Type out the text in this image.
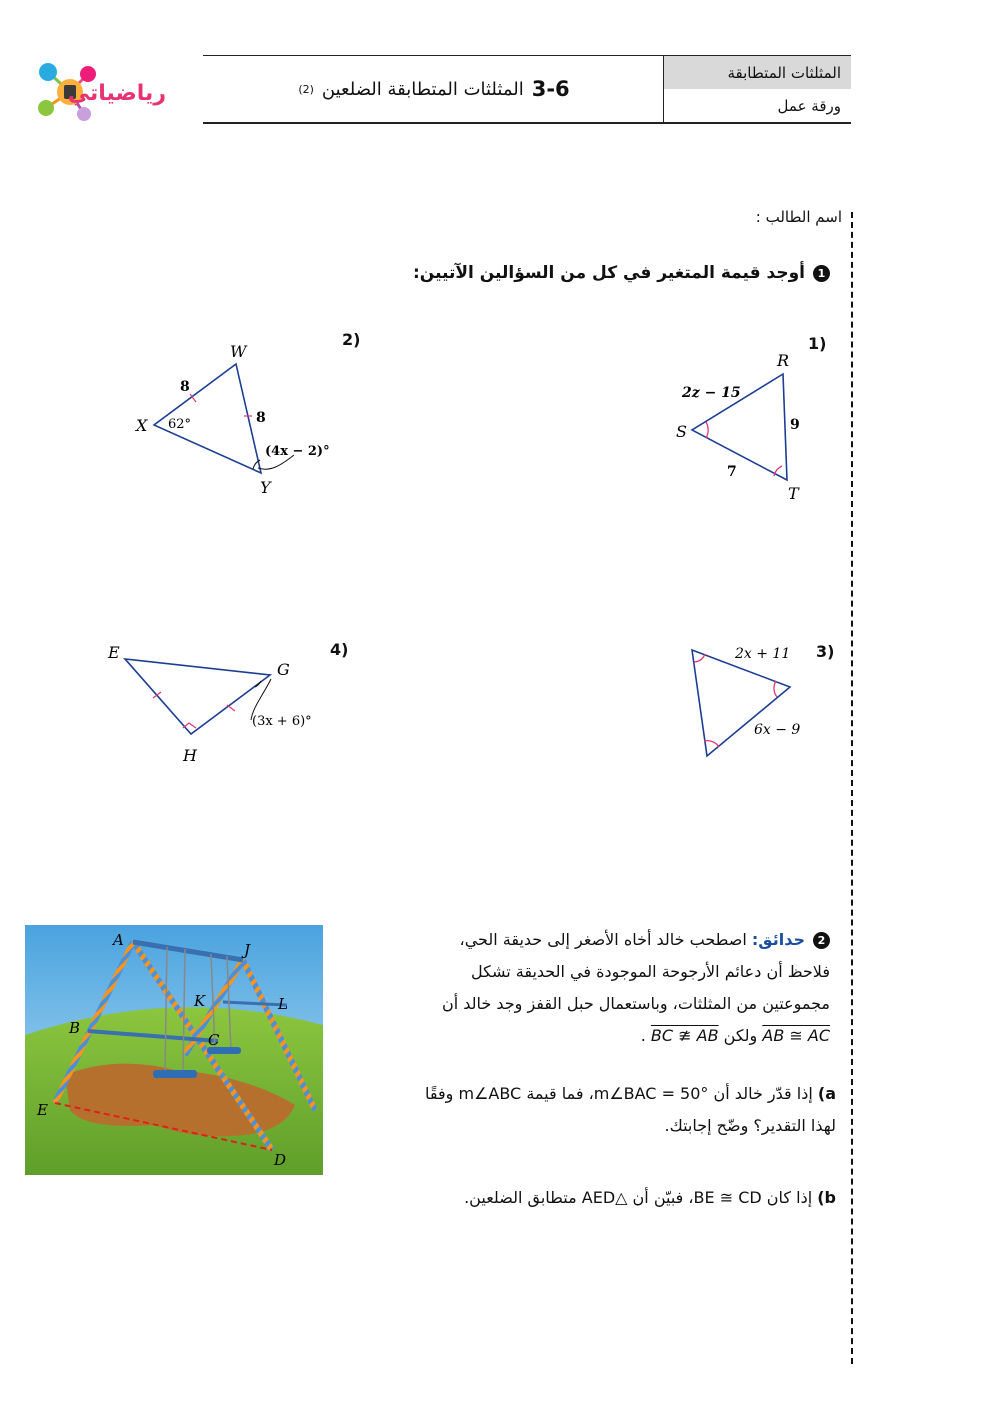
رياضياتي	3-6
المثلثات المتطابقة الضلعين
(2)
المثلثات المتطابقة
ورقة عمل
اسم الطالب :
1أوجد قيمة المتغير في كل من السؤالين الآتيين:
1)
2)
3)
4)
R
S
T
2z − 15
9
7
W
X
Y
8
8
62°
(4x − 2)°
2x + 11
6x − 9
E
G
H
(3x + 6)°
A
B
C
D
E
J
K	L
2حدائق: اصطحب خالد أخاه الأصغر إلى حديقة الحي،
فلاحظ أن دعائم الأرجوحة الموجودة في الحديقة تشكل
مجموعتين من المثلثات، وباستعمال حبل القفز وجد خالد أن
AB ≅ AC ولكن BC ≇ AB .
a) إذا قدّر خالد أن m∠BAC = 50°، فما قيمة m∠ABC وفقًا
لهذا التقدير؟ وضّح إجابتك.
b) إذا كان BE ≅ CD، فبيّن أن △AED متطابق الضلعين.
